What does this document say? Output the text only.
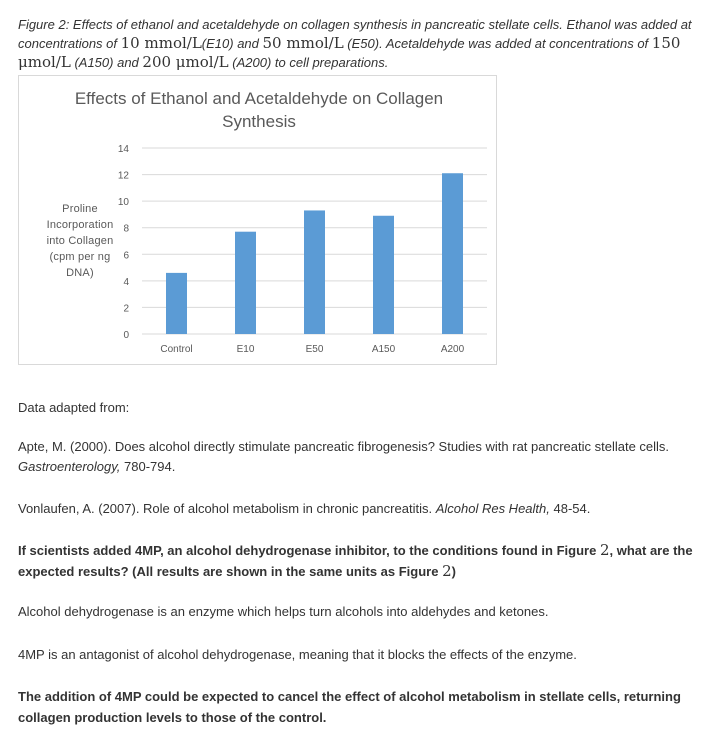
Figure 2: Effects of ethanol and acetaldehyde on collagen synthesis in pancreatic stellate cells. Ethanol was added at concentrations of 10 mmol/L(E10) and 50 mmol/L (E50). Acetaldehyde was added at concentrations of 150 μmol/L (A150) and 200 μmol/L (A200) to cell preparations.
Effects of Ethanol and Acetaldehyde on Collagen
Synthesis
0
2
4
6
8
10
12
14
Control	E10	E50	A150	A200
Proline
Incorporation
into Collagen
(cpm per ng
DNA)
Data adapted from:
Apte, M. (2000). Does alcohol directly stimulate pancreatic fibrogenesis? Studies with rat pancreatic stellate cells. Gastroenterology, 780-794.
Vonlaufen, A. (2007). Role of alcohol metabolism in chronic pancreatitis. Alcohol Res Health, 48-54.
If scientists added 4MP, an alcohol dehydrogenase inhibitor, to the conditions found in Figure 2, what are the expected results? (All results are shown in the same units as Figure 2)
Alcohol dehydrogenase is an enzyme which helps turn alcohols into aldehydes and ketones.
4MP is an antagonist of alcohol dehydrogenase, meaning that it blocks the effects of the enzyme.
The addition of 4MP could be expected to cancel the effect of alcohol metabolism in stellate cells, returning collagen production levels to those of the control.
